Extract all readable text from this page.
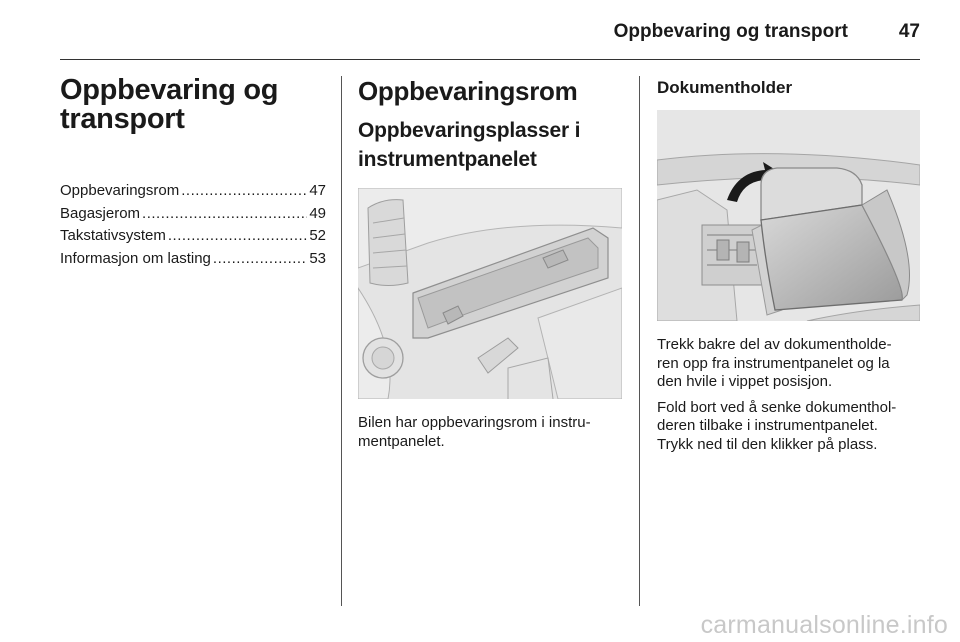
Oppbevaring og transport	47
Oppbevaring og
transport
Oppbevaringsrom .....	47
Bagasjerom .....	49
Takstativsystem .....	52
Informasjon om lasting .....	53
Oppbevaringsrom
Oppbevaringsplasser i
instrumentpanelet
Bilen har oppbevaringsrom i instru-
mentpanelet.
Dokumentholder
Trekk bakre del av dokumentholde-
ren opp fra instrumentpanelet og la
den hvile i vippet posisjon.
Fold bort ved å senke dokumenthol-
deren tilbake i instrumentpanelet.
Trykk ned til den klikker på plass.
carmanualsonline.info
